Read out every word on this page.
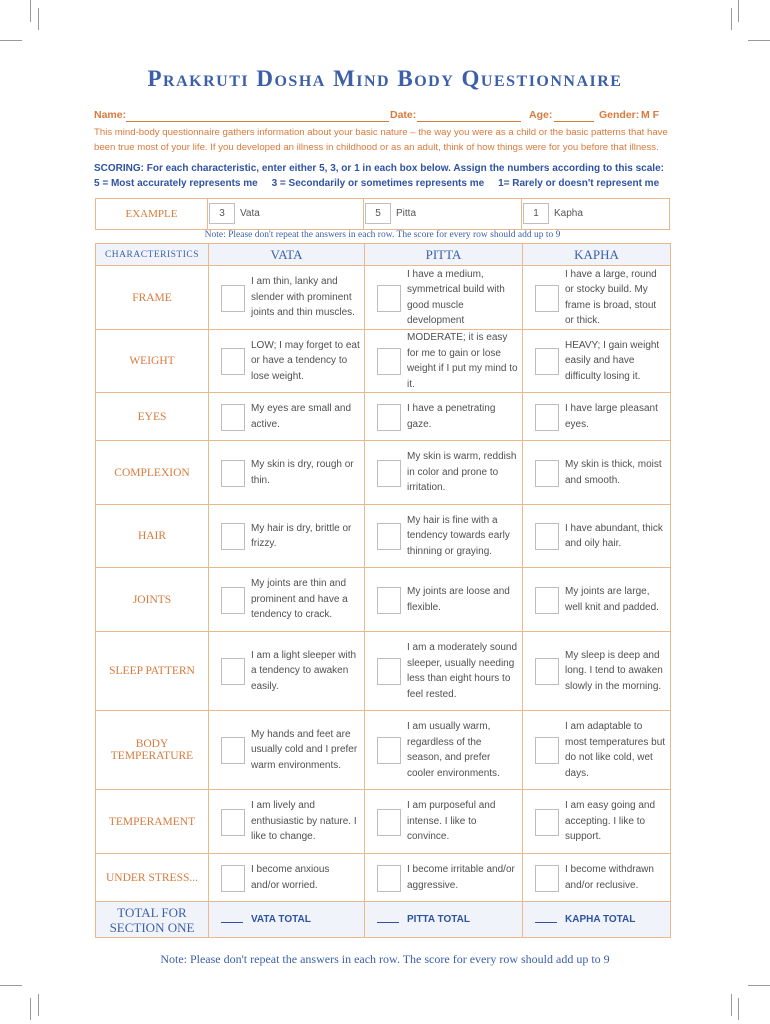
Prakruti Dosha Mind Body Questionnaire
Name:	Date:	Age:	Gender: M F

This mind-body questionnaire gathers information about your basic nature – the way you were as a child or the basic patterns that have been true most of your life. If you developed an illness in childhood or as an adult, think of how things were for you before that illness.

SCORING: For each characteristic, enter either 5, 3, or 1 in each box below. Assign the numbers according to this scale:
5 = Most accurately represents me     3 = Secondarily or sometimes represents me     1= Rarely or doesn't represent me
EXAMPLE	3	Vata	5	Pitta	1	Kapha
Note: Please don't repeat the answers in each row. The score for every row should add up to 9
CHARACTERISTICS	VATA	PITTA	KAPHA
FRAME	I am thin, lanky and slender with prominent joints and thin muscles.	I have a medium, symmetrical build with good muscle development	I have a large, round or stocky build. My frame is broad, stout or thick.

WEIGHT	LOW; I may forget to eat or have a tendency to lose weight.	MODERATE; it is easy for me to gain or lose weight if I put my mind to it.	HEAVY; I gain weight easily and have difficulty losing it.

EYES	My eyes are small and active.	I have a penetrating gaze.	I have large pleasant eyes.

COMPLEXION	My skin is dry, rough or thin.	My skin is warm, reddish in color and prone to irritation.	My skin is thick, moist and smooth.

HAIR	My hair is dry, brittle or frizzy.	My hair is fine with a tendency towards early thinning or graying.	I have abundant, thick and oily hair.

JOINTS	My joints are thin and prominent and have a tendency to crack.	My joints are loose and flexible.	My joints are large, well knit and padded.

SLEEP PATTERN	I am a light sleeper with a tendency to awaken easily.	I am a moderately sound sleeper, usually needing less than eight hours to feel rested.	My sleep is deep and long. I tend to awaken slowly in the morning.

BODY TEMPERATURE	My hands and feet are usually cold and I prefer warm environments.	I am usually warm, regardless of the season, and prefer cooler environments.	I am adaptable to most temperatures but do not like cold, wet days.

TEMPERAMENT	I am lively and enthusiastic by nature. I like to change.	I am purposeful and intense. I like to convince.	I am easy going and accepting. I like to support.

UNDER STRESS...	I become anxious and/or worried.	I become irritable and/or aggressive.	I become withdrawn and/or reclusive.

TOTAL FOR SECTION ONE	VATA TOTAL	PITTA TOTAL	KAPHA TOTAL
Note: Please don't repeat the answers in each row. The score for every row should add up to 9
